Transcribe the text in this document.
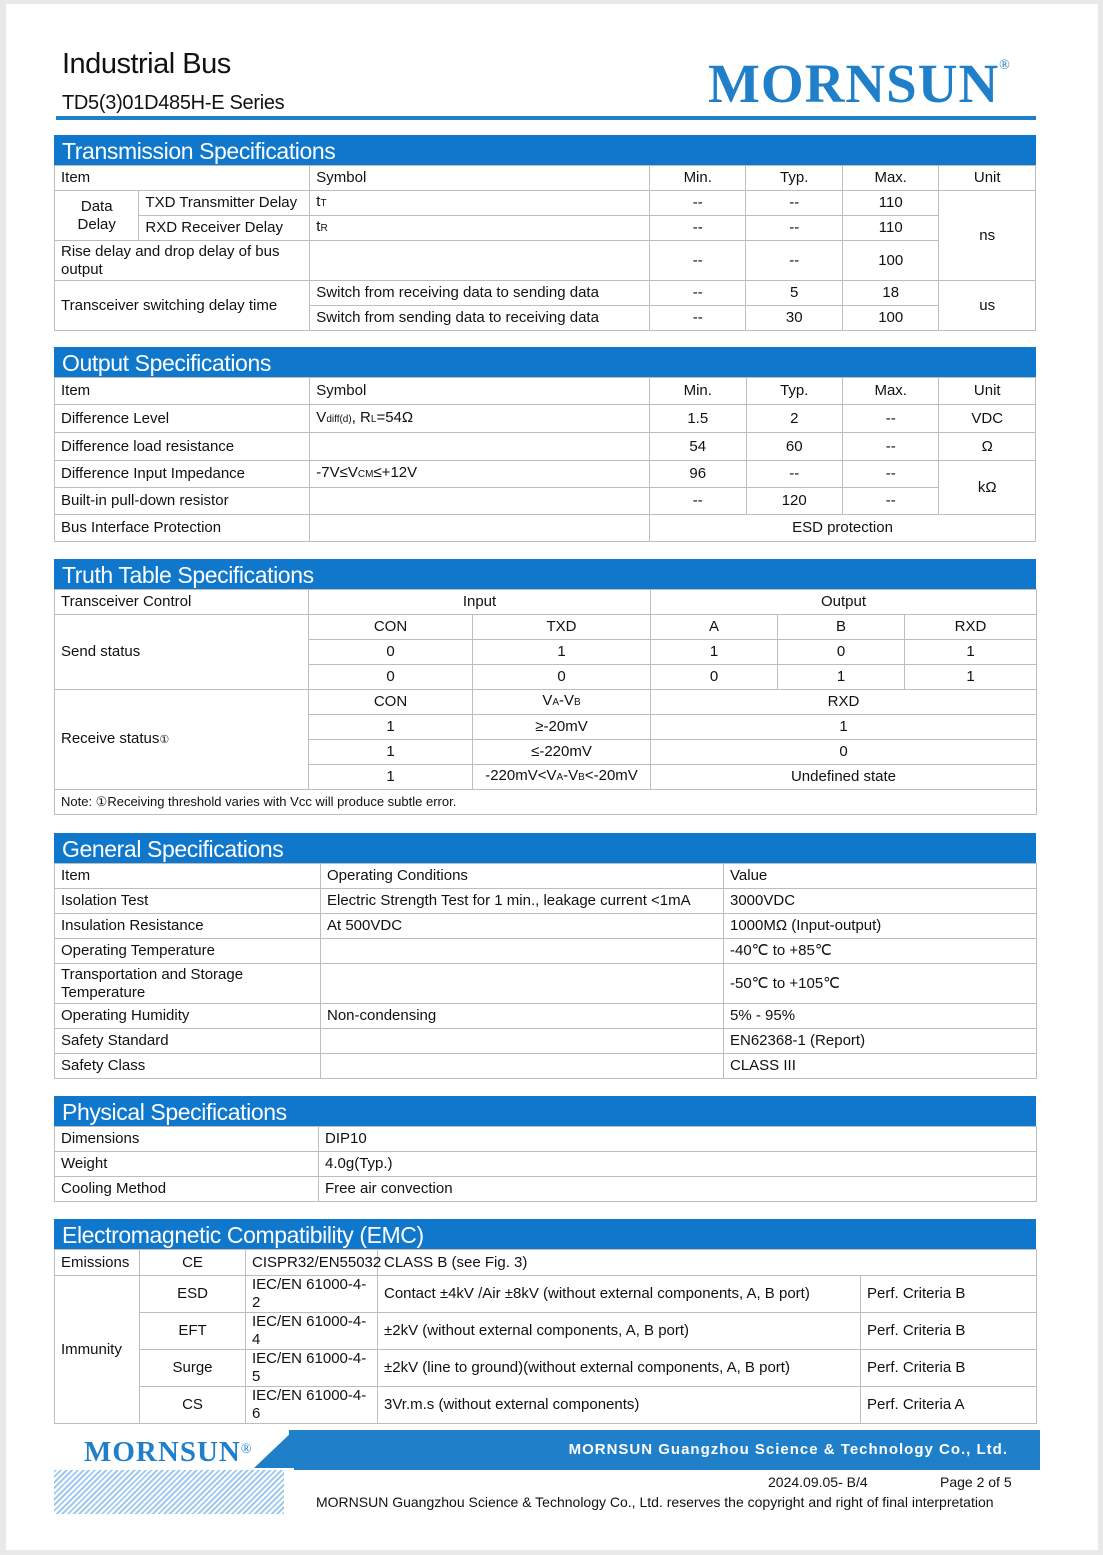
Industrial Bus
TD5(3)01D485H-E Series	MORNSUN®
Transmission Specifications
Item		Symbol	Min.	Typ.	Max.	Unit
Data Delay	TXD Transmitter Delay	tT	--	--	110	ns
	RXD Receiver Delay	tR	--	--	110	
Rise delay and drop delay of bus output			--	--	100	
Transceiver switching delay time		Switch from receiving data to sending data	--	5	18	us
		Switch from sending data to receiving data	--	30	100	
Output Specifications
Item	Symbol	Min.	Typ.	Max.	Unit
Difference Level	Vdiff(d), RL=54Ω	1.5	2	--	VDC
Difference load resistance		54	60	--	Ω
Difference Input Impedance	-7V≤VCM≤+12V	96	--	--	kΩ
Built-in pull-down resistor		--	120	--	
Bus Interface Protection		ESD protection			
Truth Table Specifications
Transceiver Control	Input		Output		
Send status	CON	TXD	A	B	RXD
	0	1	1	0	1
	0	0	0	1	1
Receive status①	CON	VA-VB	RXD		
	1	≥-20mV	1		
	1	≤-220mV	0		
	1	-220mV<VA-VB<-20mV	Undefined state		
Note: ①Receiving threshold varies with Vcc will produce subtle error.					
General Specifications
Item	Operating Conditions	Value
Isolation Test	Electric Strength Test for 1 min., leakage current <1mA	3000VDC
Insulation Resistance	At 500VDC	1000MΩ (Input-output)
Operating Temperature		-40℃ to +85℃
Transportation and Storage Temperature		-50℃ to +105℃
Operating Humidity	Non-condensing	5% - 95%
Safety Standard		EN62368-1 (Report)
Safety Class		CLASS III
Physical Specifications
Dimensions	DIP10
Weight	4.0g(Typ.)
Cooling Method	Free air convection
Electromagnetic Compatibility (EMC)
Emissions	CE	CISPR32/EN55032	CLASS B (see Fig. 3)	
Immunity	ESD	IEC/EN 61000-4-2	Contact ±4kV /Air ±8kV (without external components, A, B port)	Perf. Criteria B
	EFT	IEC/EN 61000-4-4	±2kV (without external components, A, B port)	Perf. Criteria B
	Surge	IEC/EN 61000-4-5	±2kV (line to ground)(without external components, A, B port)	Perf. Criteria B
	CS	IEC/EN 61000-4-6	3Vr.m.s (without external components)	Perf. Criteria A
MORNSUN®	MORNSUN Guangzhou Science & Technology Co., Ltd.
2024.09.05- B/4	Page 2 of 5
MORNSUN Guangzhou Science & Technology Co., Ltd. reserves the copyright and right of final interpretation
